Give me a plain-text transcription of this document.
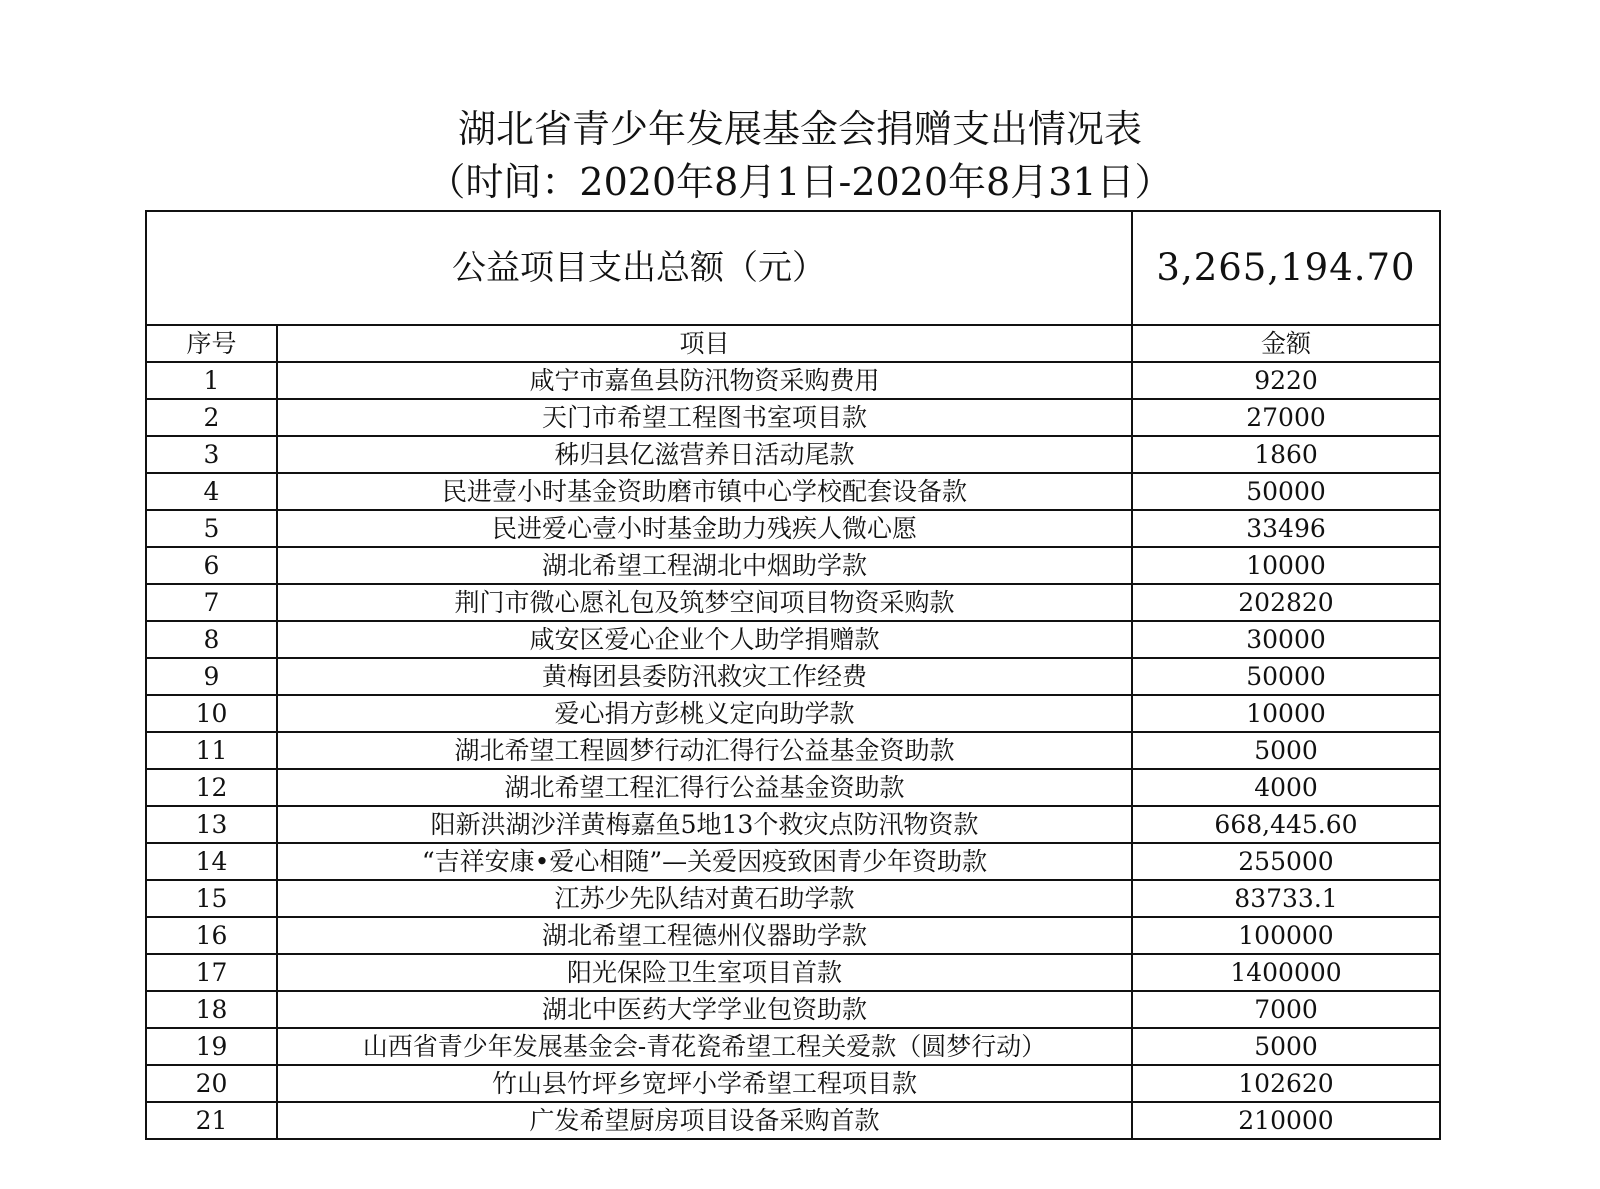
湖北省青少年发展基金会捐赠支出情况表
（时间：2020年8月1日-2020年8月31日）
公益项目支出总额（元）		3,265,194.70
序号	项目	金额
1	咸宁市嘉鱼县防汛物资采购费用	9220
2	天门市希望工程图书室项目款	27000
3	秭归县亿滋营养日活动尾款	1860
4	民进壹小时基金资助磨市镇中心学校配套设备款	50000
5	民进爱心壹小时基金助力残疾人微心愿	33496
6	湖北希望工程湖北中烟助学款	10000
7	荆门市微心愿礼包及筑梦空间项目物资采购款	202820
8	咸安区爱心企业个人助学捐赠款	30000
9	黄梅团县委防汛救灾工作经费	50000
10	爱心捐方彭桃义定向助学款	10000
11	湖北希望工程圆梦行动汇得行公益基金资助款	5000
12	湖北希望工程汇得行公益基金资助款	4000
13	阳新洪湖沙洋黄梅嘉鱼5地13个救灾点防汛物资款	668,445.60
14	“吉祥安康•爱心相随”—关爱因疫致困青少年资助款	255000
15	江苏少先队结对黄石助学款	83733.1
16	湖北希望工程德州仪器助学款	100000
17	阳光保险卫生室项目首款	1400000
18	湖北中医药大学学业包资助款	7000
19	山西省青少年发展基金会-青花瓷希望工程关爱款（圆梦行动）	5000
20	竹山县竹坪乡宽坪小学希望工程项目款	102620
21	广发希望厨房项目设备采购首款	210000
